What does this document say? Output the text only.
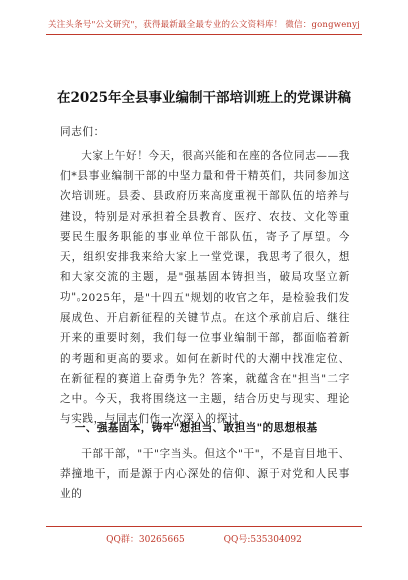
关注头条号"公文研究"，获得最新最全最专业的公文资料库！ 微信：gongwenyj
在2025年全县事业编制干部培训班上的党课讲稿
同志们：
大家上午好！今天，很高兴能和在座的各位同志——我们*县事业编制干部的中坚力量和骨干精英们，共同参加这次培训班。县委、县政府历来高度重视干部队伍的培养与建设，特别是对承担着全县教育、医疗、农技、文化等重要民生服务职能的事业单位干部队伍，寄予了厚望。今天，组织安排我来给大家上一堂党课，我思考了很久，想和大家交流的主题，是"强基固本铸担当，破局攻坚立新功"。
2025年，是"十四五"规划的收官之年，是检验我们发展成色、开启新征程的关键节点。在这个承前启后、继往开来的重要时刻，我们每一位事业编制干部，都面临着新的考题和更高的要求。如何在新时代的大潮中找准定位、在新征程的赛道上奋勇争先？答案，就蕴含在"担当"二字之中。今天，我将围绕这一主题，结合历史与现实、理论与实践，与同志们作一次深入的探讨。
一、强基固本，铸牢"想担当、敢担当"的思想根基
干部干部，"干"字当头。但这个"干"，不是盲目地干、莽撞地干，而是源于内心深处的信仰、源于对党和人民事业的
QQ群：30265665	QQ号:535304092
